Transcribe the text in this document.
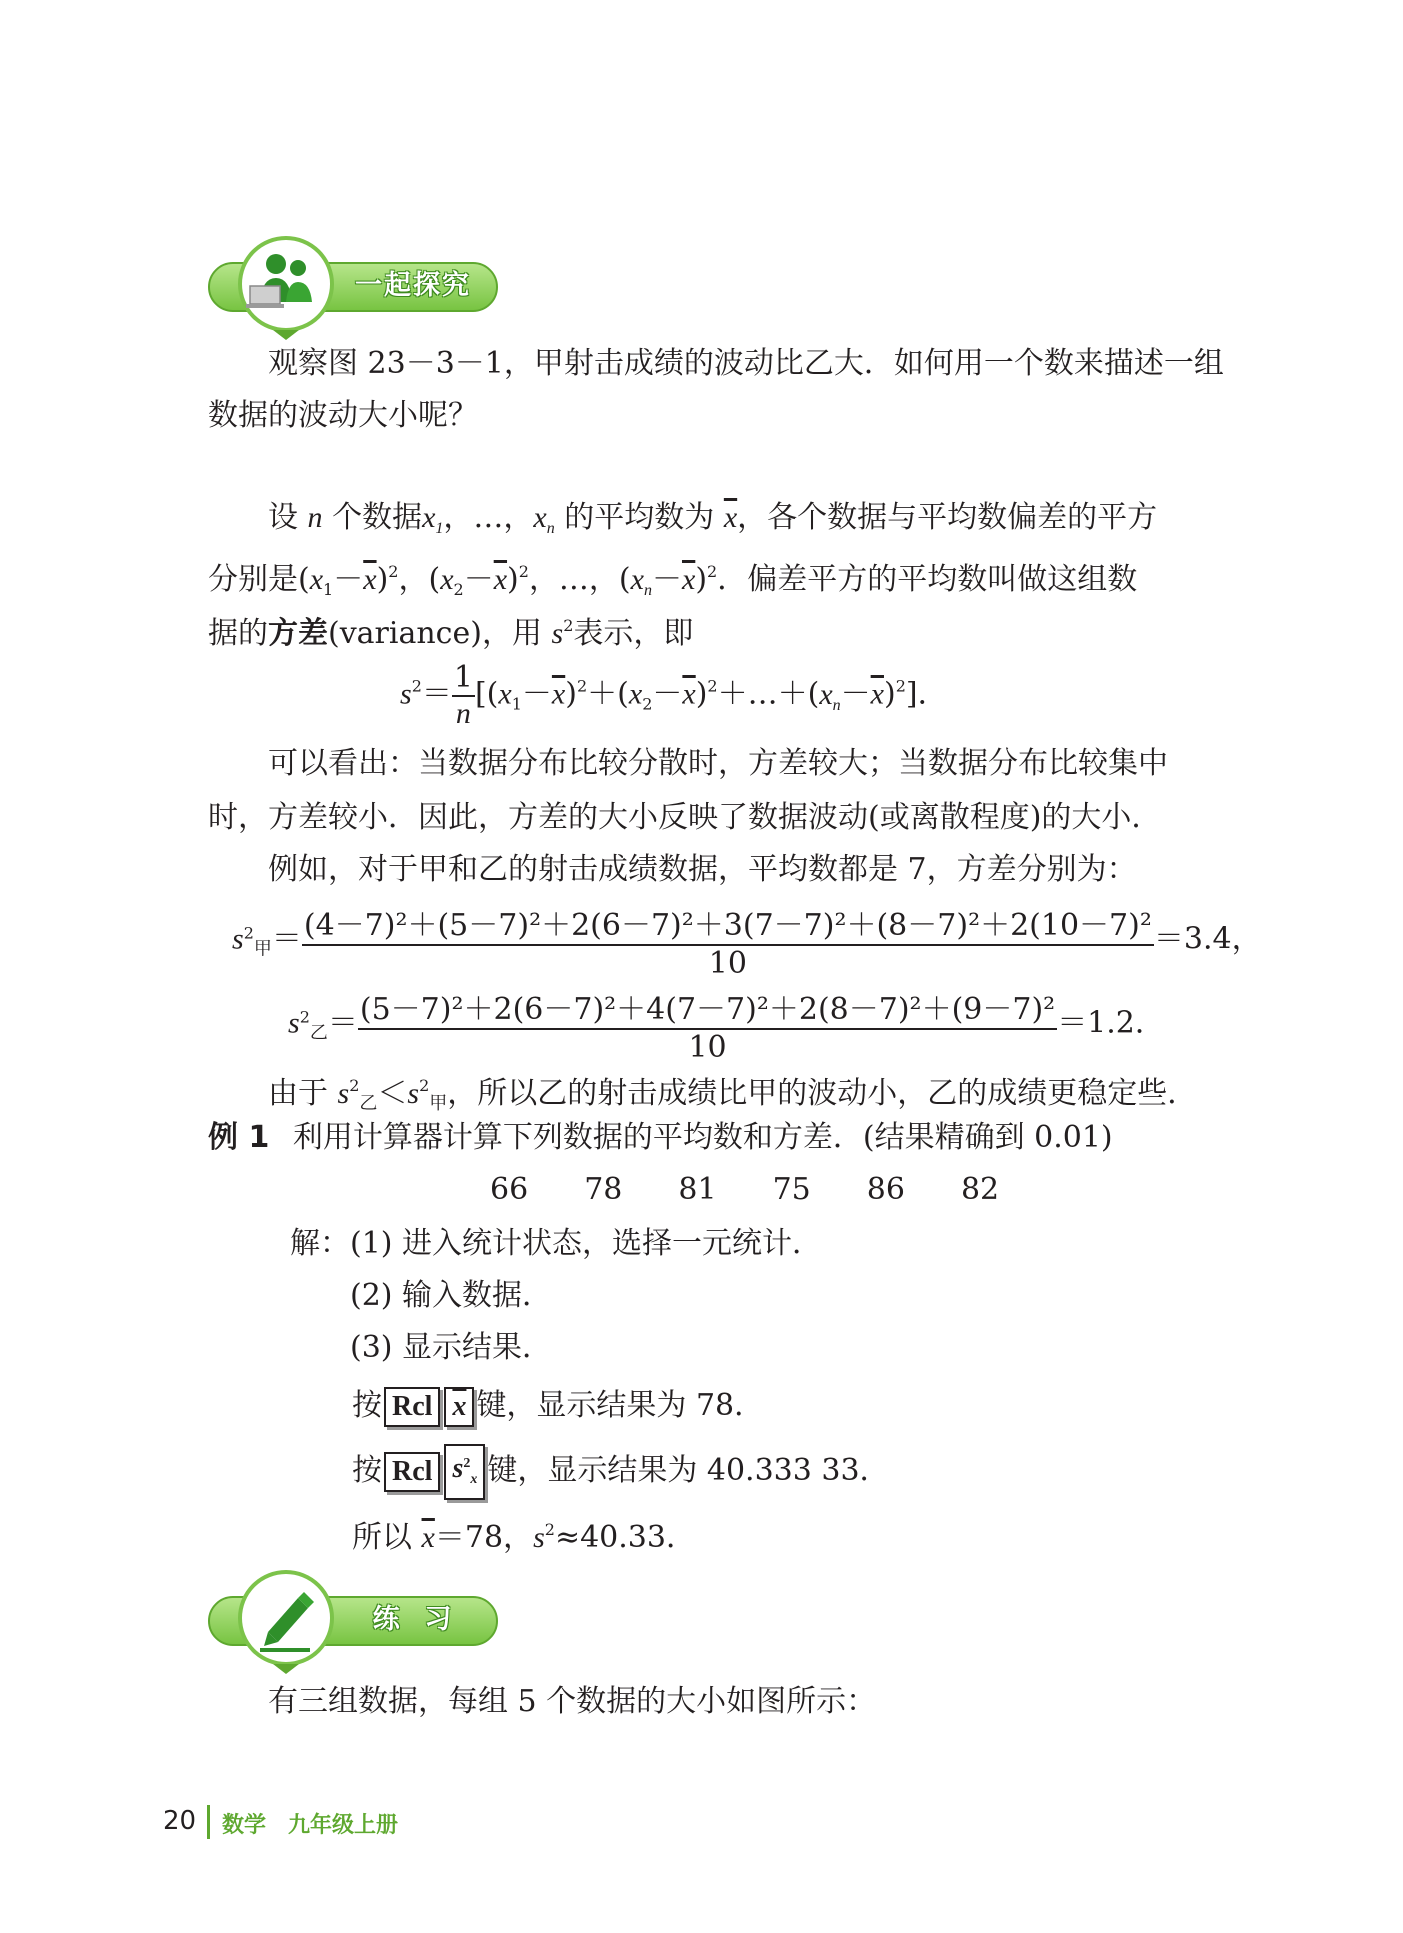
一起探究
观察图 23－3－1，甲射击成绩的波动比乙大．如何用一个数来描述一组
数据的波动大小呢？
设 n 个数据$x_1$，…，$x_n$ 的平均数为 $\overline{x}$，各个数据与平均数偏差的平方
分别是$(x_1-\overline{x})^2$，$(x_2-\overline{x})^2$，…，$(x_n-\overline{x})^2$．偏差平方的平均数叫做这组数
据的方差(variance)，用 $s^2$表示，即
$s^2= \frac{1}{n}$ $[(x_1-\overline{x})^2+(x_2-\overline{x})^2+\dots+(x_n-\overline{x})^2]$．
可以看出：当数据分布比较分散时，方差较大；当数据分布比较集中
时，方差较小．因此，方差的大小反映了数据波动(或离散程度)的大小．
例如，对于甲和乙的射击成绩数据，平均数都是 7，方差分别为：
$s^2_甲= \frac{\text{(4－7)²＋(5－7)²＋2(6－7)²＋3(7－7)²＋(8－7)²＋2(10－7)²}}{10} =3.4$，
$s^2_乙= \frac{\text{(5－7)²＋2(6－7)²＋4(7－7)²＋2(8－7)²＋(9－7)²}}{10} =1.2$．
由于 $s^2_乙<s^2_甲$，所以乙的射击成绩比甲的波动小，乙的成绩更稳定些．
例 1 利用计算器计算下列数据的平均数和方差．(结果精确到 0.01)
66 78 81 75 86 82
解：(1) 进入统计状态，选择一元统计．
(2) 输入数据．
(3) 显示结果．
按 Rcl $\overline{x}$ 键，显示结果为 78．
按 Rcl $s^2_x$ 键，显示结果为 40.333 33．
所以 $\overline{x}=78$，$s^2\approx 40.33$．
练  习
有三组数据，每组 5 个数据的大小如图所示：
20 数学　九年级上册
